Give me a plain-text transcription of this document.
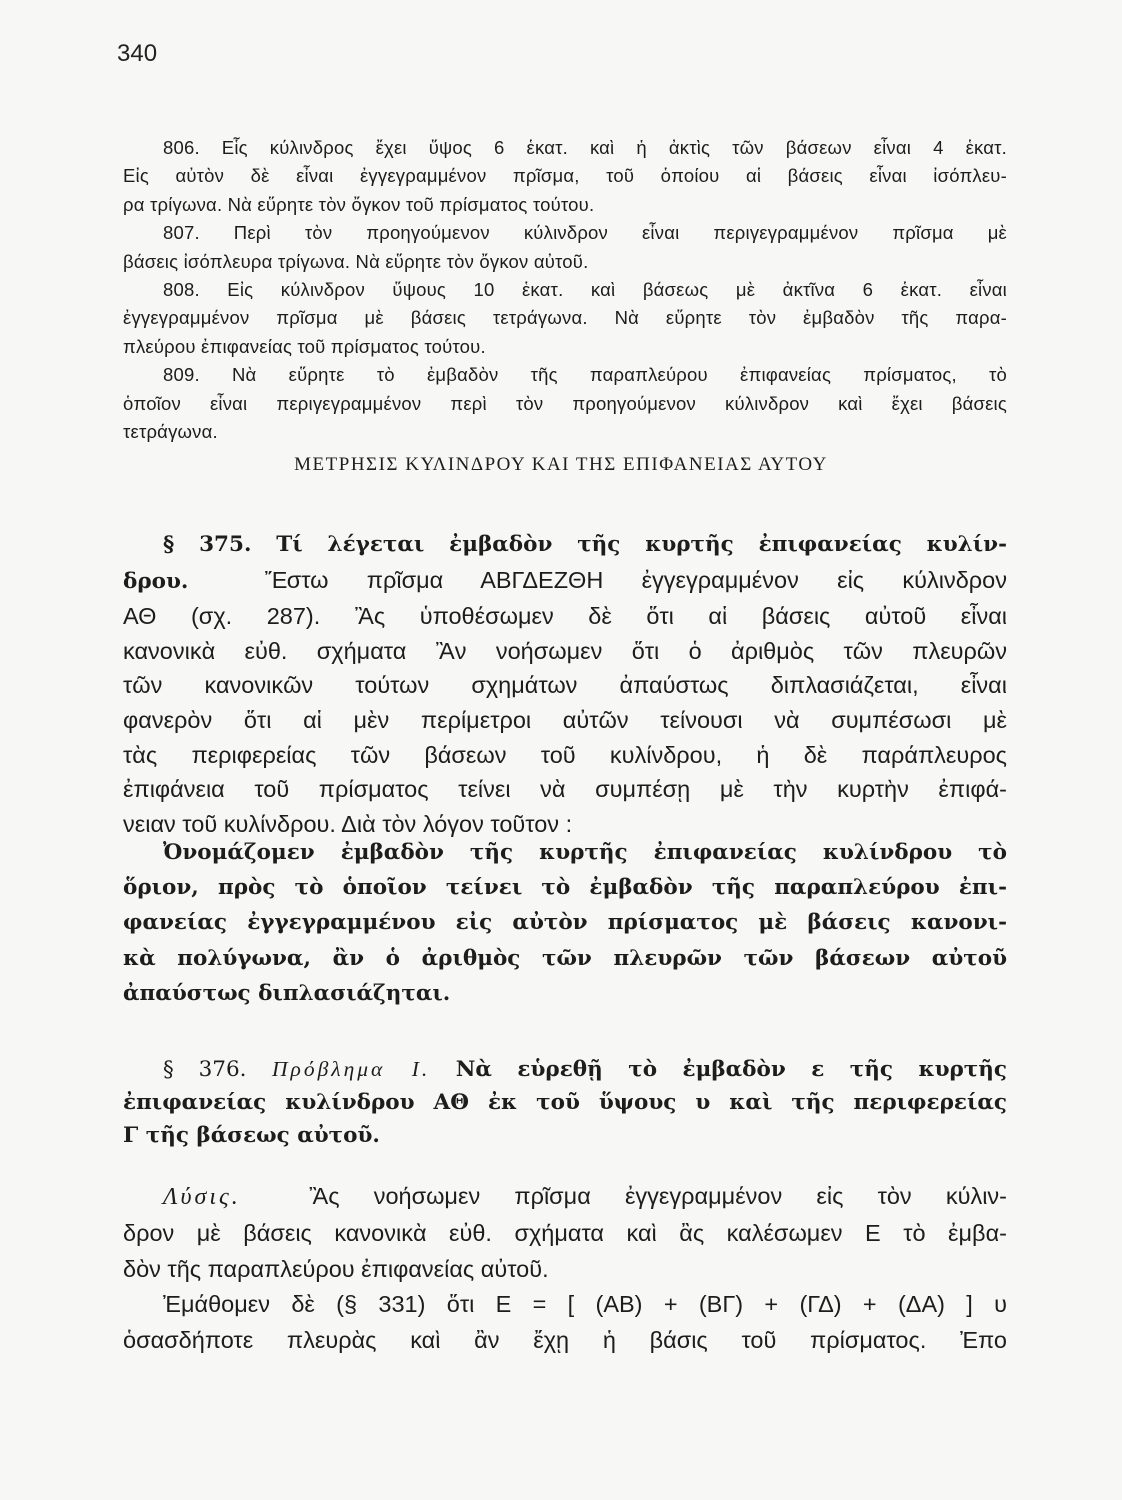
340
806. Εἷς κύλινδρος ἔχει ὕψος 6 ἑκατ. καὶ ἡ ἀκτὶς τῶν βάσεων εἶναι 4 ἑκατ.
Εἰς αὐτὸν δὲ εἶναι ἐγγεγραμμένον πρῖσμα, τοῦ ὁποίου αἱ βάσεις εἶναι ἰσόπλευ-
ρα τρίγωνα. Νὰ εὕρητε τὸν ὄγκον τοῦ πρίσματος τούτου.
807. Περὶ τὸν προηγούμενον κύλινδρον εἶναι περιγεγραμμένον πρῖσμα μὲ
βάσεις ἰσόπλευρα τρίγωνα. Νὰ εὕρητε τὸν ὄγκον αὐτοῦ.
808. Εἰς κύλινδρον ὕψους 10 ἑκατ. καὶ βάσεως μὲ ἀκτῖνα 6 ἑκατ. εἶναι
ἐγγεγραμμένον πρῖσμα μὲ βάσεις τετράγωνα. Νὰ εὕρητε τὸν ἐμβαδὸν τῆς παρα-
πλεύρου ἐπιφανείας τοῦ πρίσματος τούτου.
809. Νὰ εὕρητε τὸ ἐμβαδὸν τῆς παραπλεύρου ἐπιφανείας πρίσματος, τὸ
ὁποῖον εἶναι περιγεγραμμένον περὶ τὸν προηγούμενον κύλινδρον καὶ ἔχει βάσεις
τετράγωνα.
ΜΕΤΡΗΣΙΣ ΚΥΛΙΝΔΡΟΥ ΚΑΙ ΤΗΣ ΕΠΙΦΑΝΕΙΑΣ ΑΥΤΟΥ
§ 375. Τί λέγεται ἐμβαδὸν τῆς κυρτῆς ἐπιφανείας κυλίν-
δρου.	Ἔστω πρῖσμα ΑΒΓΔΕΖΘΗ ἐγγεγραμμένον εἰς κύλινδρον
ΑΘ (σχ. 287). Ἂς ὑποθέσωμεν δὲ ὅτι αἱ βάσεις αὐτοῦ εἶναι
κανονικὰ εὐθ. σχήματα Ἂν νοήσωμεν ὅτι ὁ ἀριθμὸς τῶν πλευρῶν
τῶν κανονικῶν τούτων σχημάτων ἀπαύστως διπλασιάζεται, εἶναι
φανερὸν ὅτι αἱ μὲν περίμετροι αὐτῶν τείνουσι νὰ συμπέσωσι μὲ
τὰς περιφερείας τῶν βάσεων τοῦ κυλίνδρου, ἡ δὲ παράπλευρος
ἐπιφάνεια τοῦ πρίσματος τείνει νὰ συμπέσῃ μὲ τὴν κυρτὴν ἐπιφά-
νειαν τοῦ κυλίνδρου. Διὰ τὸν λόγον τοῦτον :
Ὀνομάζομεν ἐμβαδὸν τῆς κυρτῆς ἐπιφανείας κυλίνδρου τὸ
ὅριον, πρὸς τὸ ὁποῖον τείνει τὸ ἐμβαδὸν τῆς παραπλεύρου ἐπι-
φανείας ἐγγεγραμμένου εἰς αὐτὸν πρίσματος μὲ βάσεις κανονι-
κὰ πολύγωνα, ἂν ὁ ἀριθμὸς τῶν πλευρῶν τῶν βάσεων αὐτοῦ
ἀπαύστως διπλασιάζηται.
§ 376. Πρόβλημα Ι. Νὰ εὑρεθῇ τὸ ἐμβαδὸν ε τῆς κυρτῆς
ἐπιφανείας κυλίνδρου ΑΘ ἐκ τοῦ ὕψους υ καὶ τῆς περιφερείας
Γ τῆς βάσεως αὐτοῦ.
Λύσις.	Ἂς νοήσωμεν πρῖσμα ἐγγεγραμμένον εἰς τὸν κύλιν-
δρον μὲ βάσεις κανονικὰ εὐθ. σχήματα καὶ ἂς καλέσωμεν Ε τὸ ἐμβα-
δὸν τῆς παραπλεύρου ἐπιφανείας αὐτοῦ.
Ἐμάθομεν δὲ (§ 331) ὅτι Ε = [ (ΑΒ) + (ΒΓ) + (ΓΔ) + (ΔΑ) ] υ
ὁσασδήποτε πλευρὰς καὶ ἂν ἔχῃ ἡ βάσις τοῦ πρίσματος. Ἐπο
